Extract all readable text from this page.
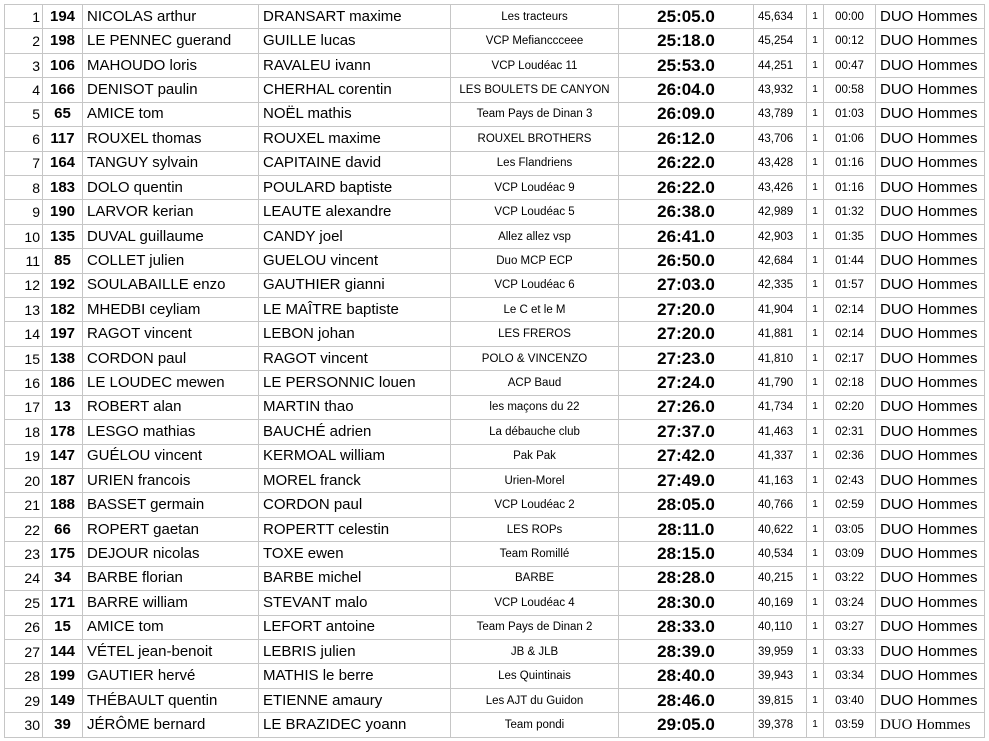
1	194	NICOLAS arthur	DRANSART maxime	Les tracteurs	25:05.0	45,634	1	00:00	DUO Hommes
2	198	LE PENNEC guerand	GUILLE lucas	VCP Mefianccceee	25:18.0	45,254	1	00:12	DUO Hommes
3	106	MAHOUDO loris	RAVALEU ivann	VCP Loudéac 11	25:53.0	44,251	1	00:47	DUO Hommes
4	166	DENISOT paulin	CHERHAL corentin	LES BOULETS DE CANYON	26:04.0	43,932	1	00:58	DUO Hommes
5	65	AMICE tom	NOËL mathis	Team Pays de Dinan 3	26:09.0	43,789	1	01:03	DUO Hommes
6	117	ROUXEL thomas	ROUXEL maxime	ROUXEL BROTHERS	26:12.0	43,706	1	01:06	DUO Hommes
7	164	TANGUY sylvain	CAPITAINE david	Les Flandriens	26:22.0	43,428	1	01:16	DUO Hommes
8	183	DOLO quentin	POULARD baptiste	VCP Loudéac 9	26:22.0	43,426	1	01:16	DUO Hommes
9	190	LARVOR kerian	LEAUTE alexandre	VCP Loudéac 5	26:38.0	42,989	1	01:32	DUO Hommes
10	135	DUVAL guillaume	CANDY joel	Allez allez vsp	26:41.0	42,903	1	01:35	DUO Hommes
11	85	COLLET julien	GUELOU vincent	Duo MCP ECP	26:50.0	42,684	1	01:44	DUO Hommes
12	192	SOULABAILLE enzo	GAUTHIER gianni	VCP Loudéac 6	27:03.0	42,335	1	01:57	DUO Hommes
13	182	MHEDBI ceyliam	LE MAÎTRE baptiste	Le C et le M	27:20.0	41,904	1	02:14	DUO Hommes
14	197	RAGOT vincent	LEBON johan	LES FREROS	27:20.0	41,881	1	02:14	DUO Hommes
15	138	CORDON paul	RAGOT vincent	POLO & VINCENZO	27:23.0	41,810	1	02:17	DUO Hommes
16	186	LE LOUDEC mewen	LE PERSONNIC louen	ACP Baud	27:24.0	41,790	1	02:18	DUO Hommes
17	13	ROBERT alan	MARTIN thao	les maçons du 22	27:26.0	41,734	1	02:20	DUO Hommes
18	178	LESGO mathias	BAUCHÉ adrien	La débauche club	27:37.0	41,463	1	02:31	DUO Hommes
19	147	GUÉLOU vincent	KERMOAL william	Pak Pak	27:42.0	41,337	1	02:36	DUO Hommes
20	187	URIEN francois	MOREL franck	Urien-Morel	27:49.0	41,163	1	02:43	DUO Hommes
21	188	BASSET germain	CORDON paul	VCP Loudéac 2	28:05.0	40,766	1	02:59	DUO Hommes
22	66	ROPERT gaetan	ROPERTT celestin	LES ROPs	28:11.0	40,622	1	03:05	DUO Hommes
23	175	DEJOUR nicolas	TOXE ewen	Team Romillé	28:15.0	40,534	1	03:09	DUO Hommes
24	34	BARBE florian	BARBE michel	BARBE	28:28.0	40,215	1	03:22	DUO Hommes
25	171	BARRE william	STEVANT malo	VCP Loudéac 4	28:30.0	40,169	1	03:24	DUO Hommes
26	15	AMICE tom	LEFORT antoine	Team Pays de Dinan 2	28:33.0	40,110	1	03:27	DUO Hommes
27	144	VÉTEL jean-benoit	LEBRIS julien	JB & JLB	28:39.0	39,959	1	03:33	DUO Hommes
28	199	GAUTIER hervé	MATHIS le berre	Les Quintinais	28:40.0	39,943	1	03:34	DUO Hommes
29	149	THÉBAULT quentin	ETIENNE amaury	Les AJT du Guidon	28:46.0	39,815	1	03:40	DUO Hommes
30	39	JÉRÔME bernard	LE BRAZIDEC yoann	Team pondi	29:05.0	39,378	1	03:59	DUO Hommes
